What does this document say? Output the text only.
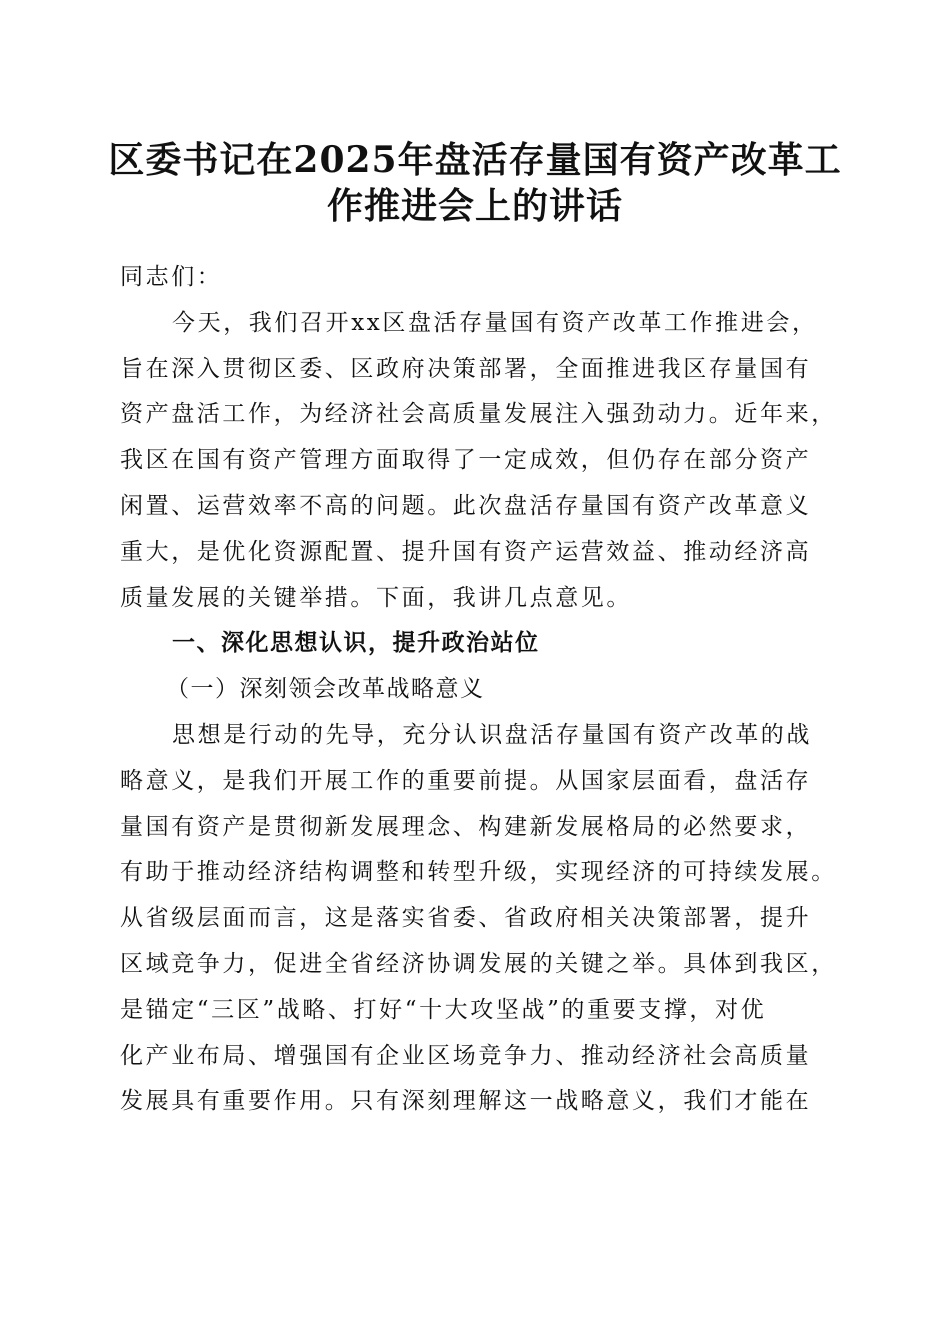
区委书记在2025年盘活存量国有资产改革工
作推进会上的讲话
同志们：
今天，我们召开xx区盘活存量国有资产改革工作推进会，
旨在深入贯彻区委、区政府决策部署，全面推进我区存量国有
资产盘活工作，为经济社会高质量发展注入强劲动力。近年来，
我区在国有资产管理方面取得了一定成效，但仍存在部分资产
闲置、运营效率不高的问题。此次盘活存量国有资产改革意义
重大，是优化资源配置、提升国有资产运营效益、推动经济高
质量发展的关键举措。下面，我讲几点意见。
一、深化思想认识，提升政治站位
（一）深刻领会改革战略意义
思想是行动的先导，充分认识盘活存量国有资产改革的战
略意义，是我们开展工作的重要前提。从国家层面看，盘活存
量国有资产是贯彻新发展理念、构建新发展格局的必然要求，
有助于推动经济结构调整和转型升级，实现经济的可持续发展。
从省级层面而言，这是落实省委、省政府相关决策部署，提升
区域竞争力，促进全省经济协调发展的关键之举。具体到我区，
是锚定“三区”战略、打好“十大攻坚战”的重要支撑，对优
化产业布局、增强国有企业区场竞争力、推动经济社会高质量
发展具有重要作用。只有深刻理解这一战略意义，我们才能在
